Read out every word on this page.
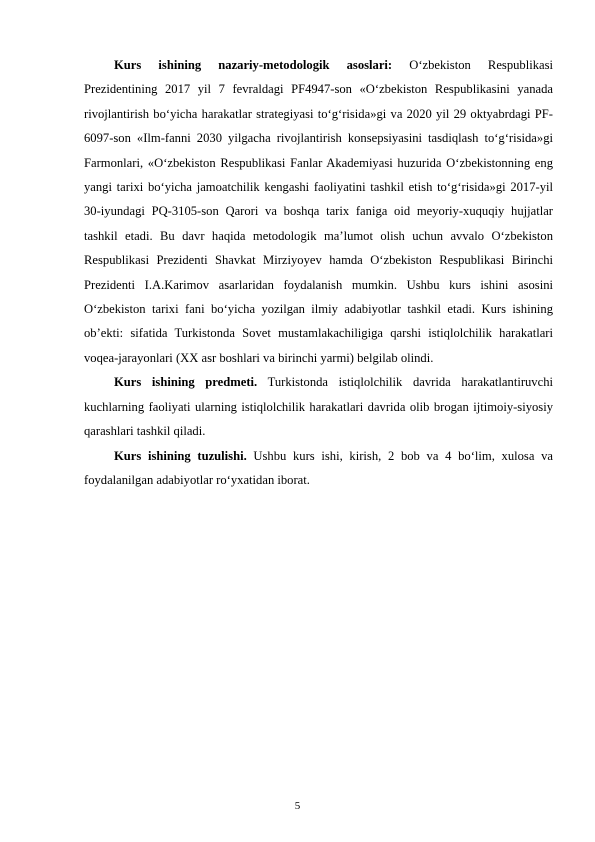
Kurs ishining nazariy-metodologik asoslari: O‘zbekiston Respublikasi Prezidentining 2017 yil 7 fevraldagi PF4947-son «O‘zbekiston Respublikasini yanada rivojlantirish bo‘yicha harakatlar strategiyasi to‘g‘risida»gi va 2020 yil 29 oktyabrdagi PF-6097-son «Ilm-fanni 2030 yilgacha rivojlantirish konsepsiyasini tasdiqlash to‘g‘risida»gi Farmonlari, «O‘zbekiston Respublikasi Fanlar Akademiyasi huzurida O‘zbekistonning eng yangi tarixi bo‘yicha jamoatchilik kengashi faoliyatini tashkil etish to‘g‘risida»gi 2017-yil 30-iyundagi PQ-3105-son Qarori va boshqa tarix faniga oid meyoriy-xuquqiy hujjatlar tashkil etadi. Bu davr haqida metodologik ma’lumot olish uchun avvalo O‘zbekiston Respublikasi Prezidenti Shavkat Mirziyoyev hamda O‘zbekiston Respublikasi Birinchi Prezidenti I.A.Karimov asarlaridan foydalanish mumkin. Ushbu kurs ishini asosini O‘zbekiston tarixi fani bo‘yicha yozilgan ilmiy adabiyotlar tashkil etadi. Kurs ishining ob’ekti: sifatida Turkistonda Sovet mustamlakachiligiga qarshi istiqlolchilik harakatlari voqea-jarayonlari (XX asr boshlari va birinchi yarmi) belgilab olindi.

Kurs ishining predmeti. Turkistonda istiqlolchilik davrida harakatlantiruvchi kuchlarning faoliyati ularning istiqlolchilik harakatlari davrida olib brogan ijtimoiy-siyosiy qarashlari tashkil qiladi.

Kurs ishining tuzulishi. Ushbu kurs ishi, kirish, 2 bob va 4 bo‘lim, xulosa va foydalanilgan adabiyotlar ro‘yxatidan iborat.

5
